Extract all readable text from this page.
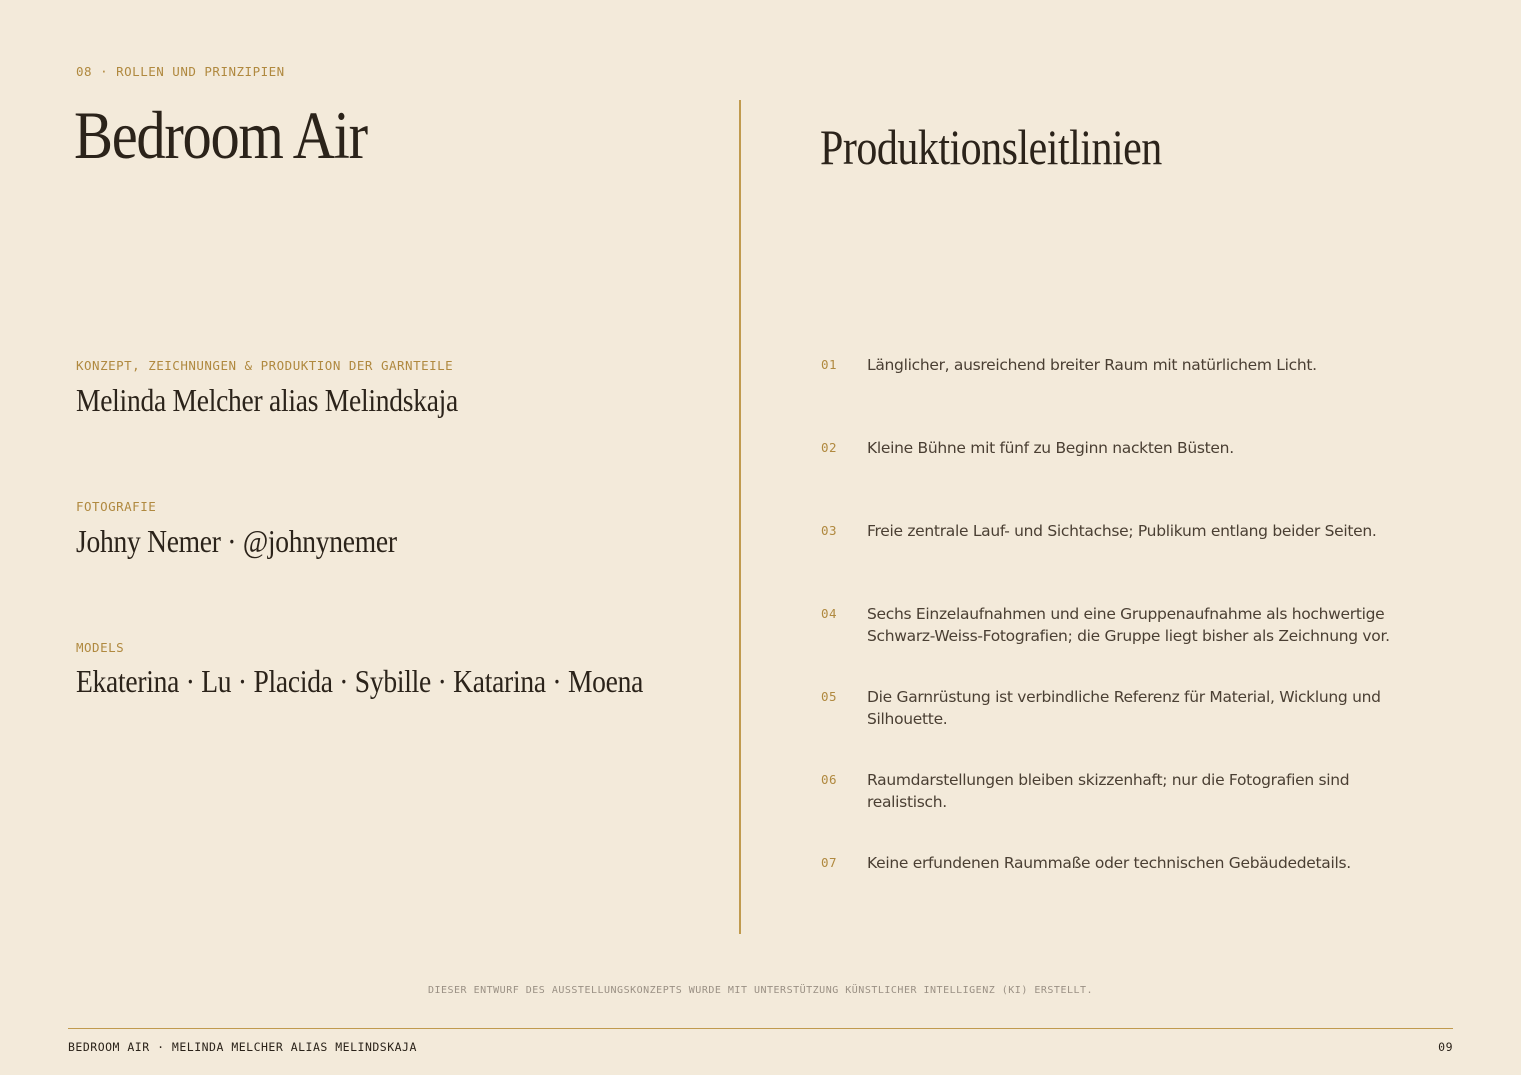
08 · ROLLEN UND PRINZIPIEN
Bedroom Air
KONZEPT, ZEICHNUNGEN & PRODUKTION DER GARNTEILE
Melinda Melcher alias Melindskaja
FOTOGRAFIE
Johny Nemer · @johnynemer
MODELS
Ekaterina · Lu · Placida · Sybille · Katarina · Moena
Produktionsleitlinien
01	Länglicher, ausreichend breiter Raum mit natürlichem Licht.
02	Kleine Bühne mit fünf zu Beginn nackten Büsten.
03	Freie zentrale Lauf- und Sichtachse; Publikum entlang beider Seiten.
04	Sechs Einzelaufnahmen und eine Gruppenaufnahme als hochwertige Schwarz-Weiss-Fotografien; die Gruppe liegt bisher als Zeichnung vor.
05	Die Garnrüstung ist verbindliche Referenz für Material, Wicklung und Silhouette.
06	Raumdarstellungen bleiben skizzenhaft; nur die Fotografien sind realistisch.
07	Keine erfundenen Raummaße oder technischen Gebäudedetails.
DIESER ENTWURF DES AUSSTELLUNGSKONZEPTS WURDE MIT UNTERSTÜTZUNG KÜNSTLICHER INTELLIGENZ (KI) ERSTELLT.
BEDROOM AIR · MELINDA MELCHER ALIAS MELINDSKAJA	09
